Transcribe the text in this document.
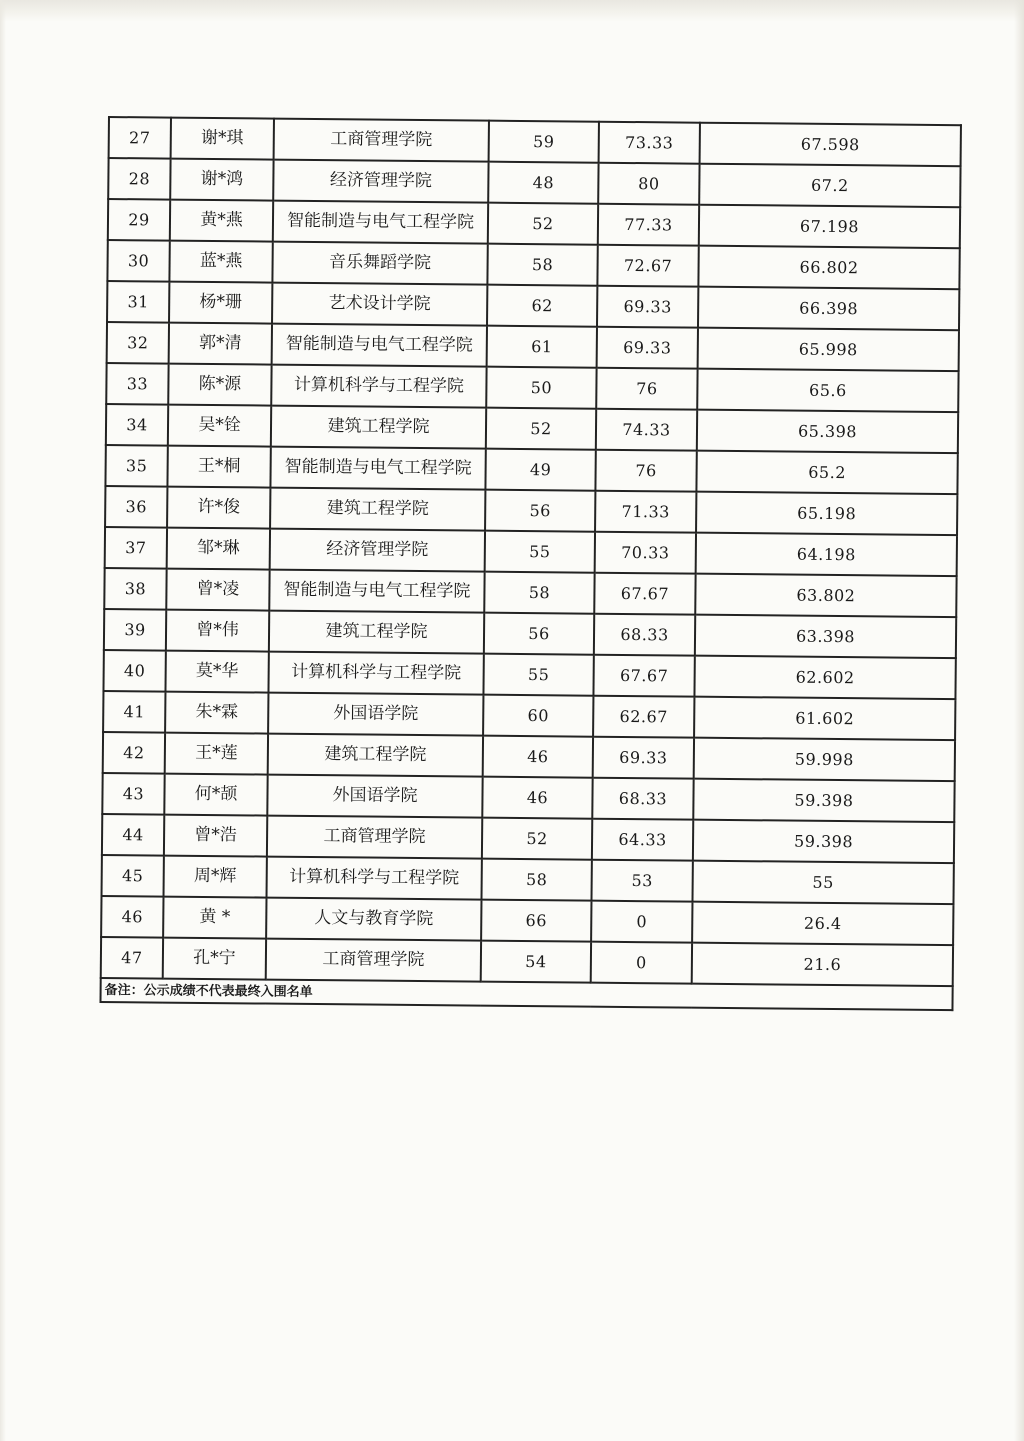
27	谢*琪	工商管理学院	59	73.33	67.598
28	谢*鸿	经济管理学院	48	80	67.2
29	黄*燕	智能制造与电气工程学院	52	77.33	67.198
30	蓝*燕	音乐舞蹈学院	58	72.67	66.802
31	杨*珊	艺术设计学院	62	69.33	66.398
32	郭*清	智能制造与电气工程学院	61	69.33	65.998
33	陈*源	计算机科学与工程学院	50	76	65.6
34	吴*铨	建筑工程学院	52	74.33	65.398
35	王*桐	智能制造与电气工程学院	49	76	65.2
36	许*俊	建筑工程学院	56	71.33	65.198
37	邹*琳	经济管理学院	55	70.33	64.198
38	曾*凌	智能制造与电气工程学院	58	67.67	63.802
39	曾*伟	建筑工程学院	56	68.33	63.398
40	莫*华	计算机科学与工程学院	55	67.67	62.602
41	朱*霖	外国语学院	60	62.67	61.602
42	王*莲	建筑工程学院	46	69.33	59.998
43	何*颉	外国语学院	46	68.33	59.398
44	曾*浩	工商管理学院	52	64.33	59.398
45	周*辉	计算机科学与工程学院	58	53	55
46	黄 *	人文与教育学院	66	0	26.4
47	孔*宁	工商管理学院	54	0	21.6
备注：公示成绩不代表最终入围名单					
